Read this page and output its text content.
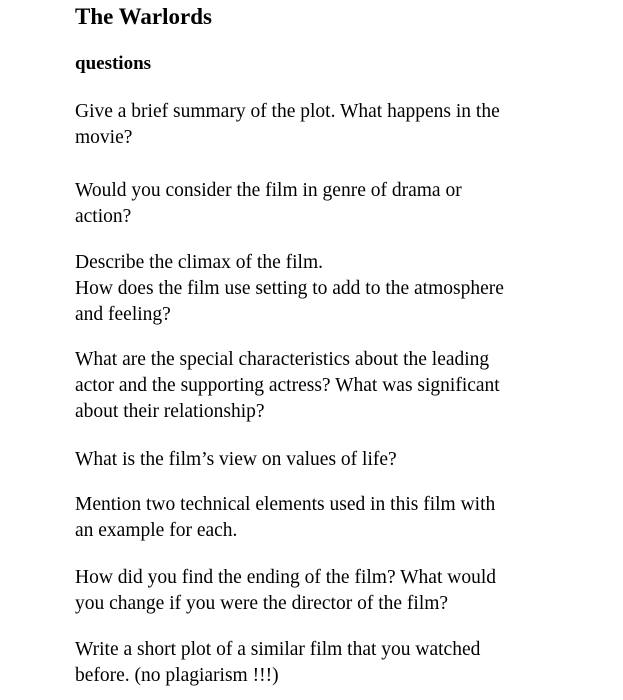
The Warlords
questions
Give a brief summary of the plot. What happens in the
movie?
Would you consider the film in genre of drama or
action?
Describe the climax of the film.
How does the film use setting to add to the atmosphere
and feeling?
What are the special characteristics about the leading
actor and the supporting actress? What was significant
about their relationship?
What is the film’s view on values of life?
Mention two technical elements used in this film with
an example for each.
How did you find the ending of the film? What would
you change if you were the director of the film?
Write a short plot of a similar film that you watched
before. (no plagiarism !!!)
